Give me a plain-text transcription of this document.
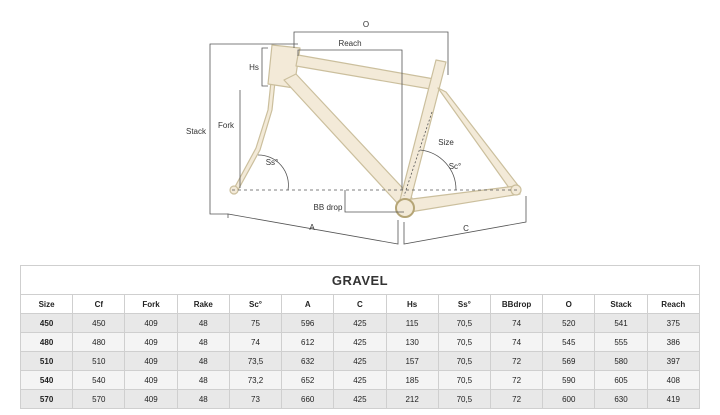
O
Reach
Hs
Stack
Fork
Ss°
Size
Sc°
BB drop
A	C
GRAVEL												
Size	Cf	Fork	Rake	Sc°	A	C	Hs	Ss°	BBdrop	O	Stack	Reach
450	450	409	48	75	596	425	115	70,5	74	520	541	375
480	480	409	48	74	612	425	130	70,5	74	545	555	386
510	510	409	48	73,5	632	425	157	70,5	72	569	580	397
540	540	409	48	73,2	652	425	185	70,5	72	590	605	408
570	570	409	48	73	660	425	212	70,5	72	600	630	419
